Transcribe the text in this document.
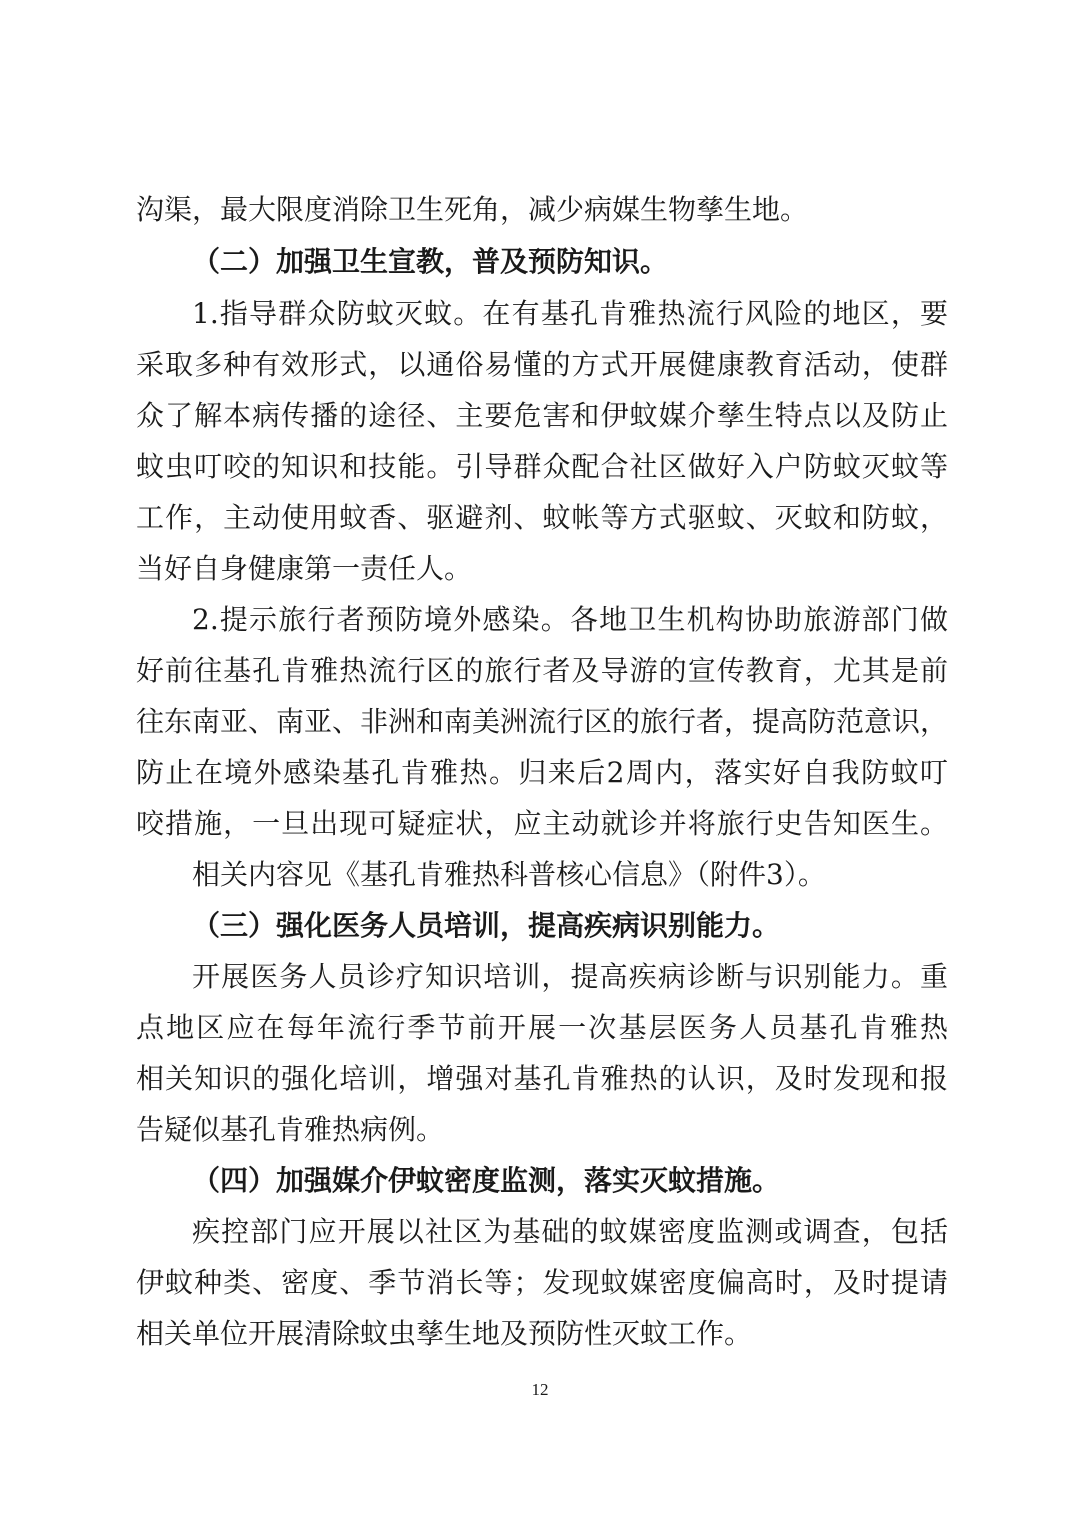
沟渠，最大限度消除卫生死角，减少病媒生物孳生地。
（二）加强卫生宣教，普及预防知识。
1.指导群众防蚊灭蚊。在有基孔肯雅热流行风险的地区，要
采取多种有效形式，以通俗易懂的方式开展健康教育活动，使群
众了解本病传播的途径、主要危害和伊蚊媒介孳生特点以及防止
蚊虫叮咬的知识和技能。引导群众配合社区做好入户防蚊灭蚊等
工作，主动使用蚊香、驱避剂、蚊帐等方式驱蚊、灭蚊和防蚊，
当好自身健康第一责任人。
2.提示旅行者预防境外感染。各地卫生机构协助旅游部门做
好前往基孔肯雅热流行区的旅行者及导游的宣传教育，尤其是前
往东南亚、南亚、非洲和南美洲流行区的旅行者，提高防范意识，
防止在境外感染基孔肯雅热。归来后2周内，落实好自我防蚊叮
咬措施，一旦出现可疑症状，应主动就诊并将旅行史告知医生。
相关内容见《基孔肯雅热科普核心信息》（附件3）。
（三）强化医务人员培训，提高疾病识别能力。
开展医务人员诊疗知识培训，提高疾病诊断与识别能力。重
点地区应在每年流行季节前开展一次基层医务人员基孔肯雅热
相关知识的强化培训，增强对基孔肯雅热的认识，及时发现和报
告疑似基孔肯雅热病例。
（四）加强媒介伊蚊密度监测，落实灭蚊措施。
疾控部门应开展以社区为基础的蚊媒密度监测或调查，包括
伊蚊种类、密度、季节消长等；发现蚊媒密度偏高时，及时提请
相关单位开展清除蚊虫孳生地及预防性灭蚊工作。
12
